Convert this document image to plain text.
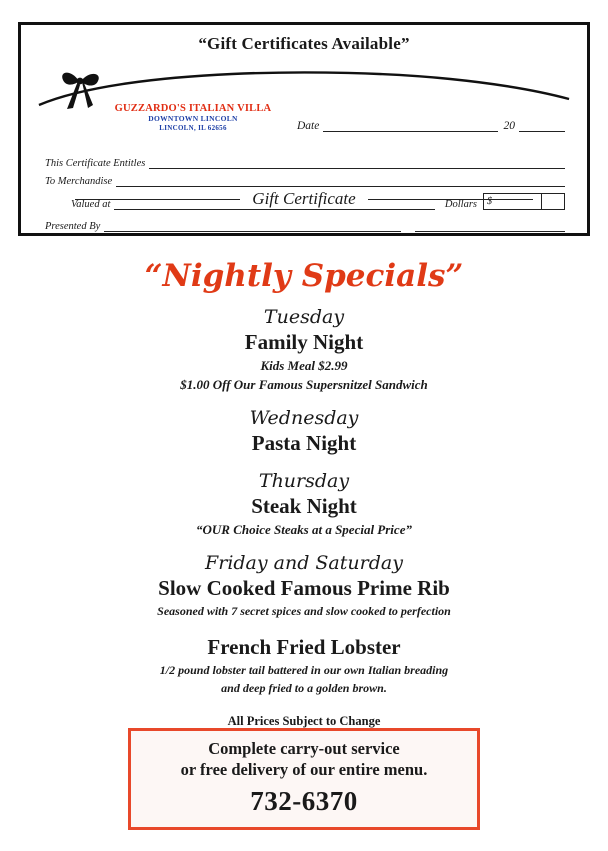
“Gift Certificates Available”
GUZZARDO'S ITALIAN VILLA
DOWNTOWN LINCOLN
LINCOLN, IL 62656	Date	20
This Certificate Entitles
To Merchandise
Valued at	Dollars	$
Presented By
Gift Certificate
“Nightly Specials”
Tuesday
Family Night
Kids Meal $2.99
$1.00 Off Our Famous Supersnitzel Sandwich
Wednesday
Pasta Night
Thursday
Steak Night
“OUR Choice Steaks at a Special Price”
Friday and Saturday
Slow Cooked Famous Prime Rib
Seasoned with 7 secret spices and slow cooked to perfection
French Fried Lobster
1/2 pound lobster tail battered in our own Italian breading
and deep fried to a golden brown.
All Prices Subject to Change
Complete carry-out service
or free delivery of our entire menu.
732-6370
